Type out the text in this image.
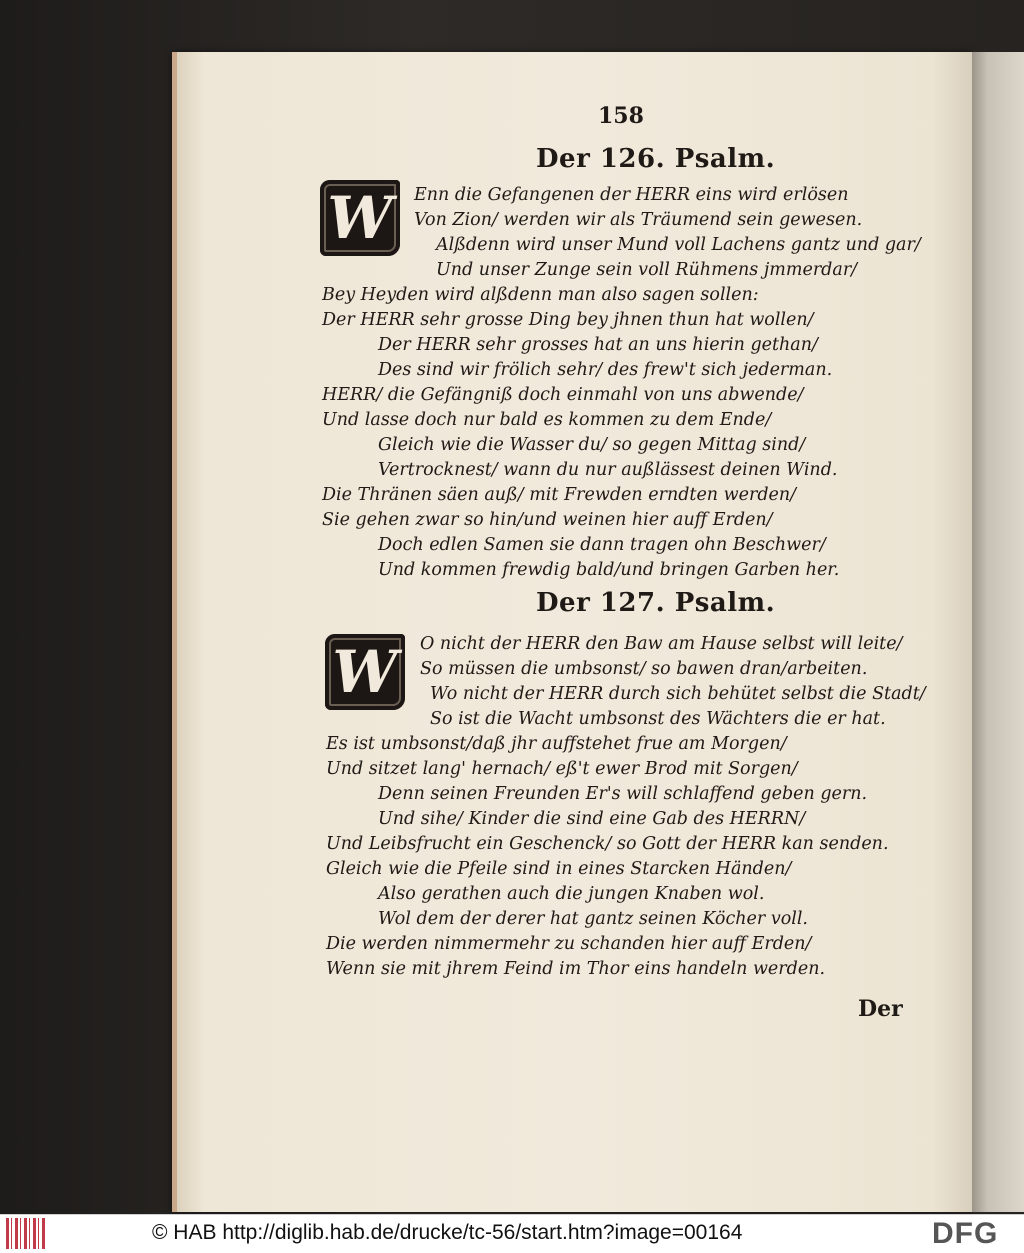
158
Der 126. Psalm.
W	Enn die Gefangenen der HERR eins wird erlösen
Von Zion/ werden wir als Träumend sein gewesen.
Alßdenn wird unser Mund voll Lachens gantz und gar/
Und unser Zunge sein voll Rühmens jmmerdar/
Bey Heyden wird alßdenn man also sagen sollen:
Der HERR sehr grosse Ding bey jhnen thun hat wollen/
Der HERR sehr grosses hat an uns hierin gethan/
Des sind wir frölich sehr/ des frew't sich jederman.
HERR/ die Gefängniß doch einmahl von uns abwende/
Und lasse doch nur bald es kommen zu dem Ende/
Gleich wie die Wasser du/ so gegen Mittag sind/
Vertrocknest/ wann du nur außlässest deinen Wind.
Die Thränen säen auß/ mit Frewden erndten werden/
Sie gehen zwar so hin/und weinen hier auff Erden/
Doch edlen Samen sie dann tragen ohn Beschwer/
Und kommen frewdig bald/und bringen Garben her.
Der 127. Psalm.
W	O nicht der HERR den Baw am Hause selbst will leite/
So müssen die umbsonst/ so bawen dran/arbeiten.
Wo nicht der HERR durch sich behütet selbst die Stadt/
So ist die Wacht umbsonst des Wächters die er hat.
Es ist umbsonst/daß jhr auffstehet frue am Morgen/
Und sitzet lang' hernach/ eß't ewer Brod mit Sorgen/
Denn seinen Freunden Er's will schlaffend geben gern.
Und sihe/ Kinder die sind eine Gab des HERRN/
Und Leibsfrucht ein Geschenck/ so Gott der HERR kan senden.
Gleich wie die Pfeile sind in eines Starcken Händen/
Also gerathen auch die jungen Knaben wol.
Wol dem der derer hat gantz seinen Köcher voll.
Die werden nimmermehr zu schanden hier auff Erden/
Wenn sie mit jhrem Feind im Thor eins handeln werden.
Der
© HAB http://diglib.hab.de/drucke/tc-56/start.htm?image=00164	DFG
